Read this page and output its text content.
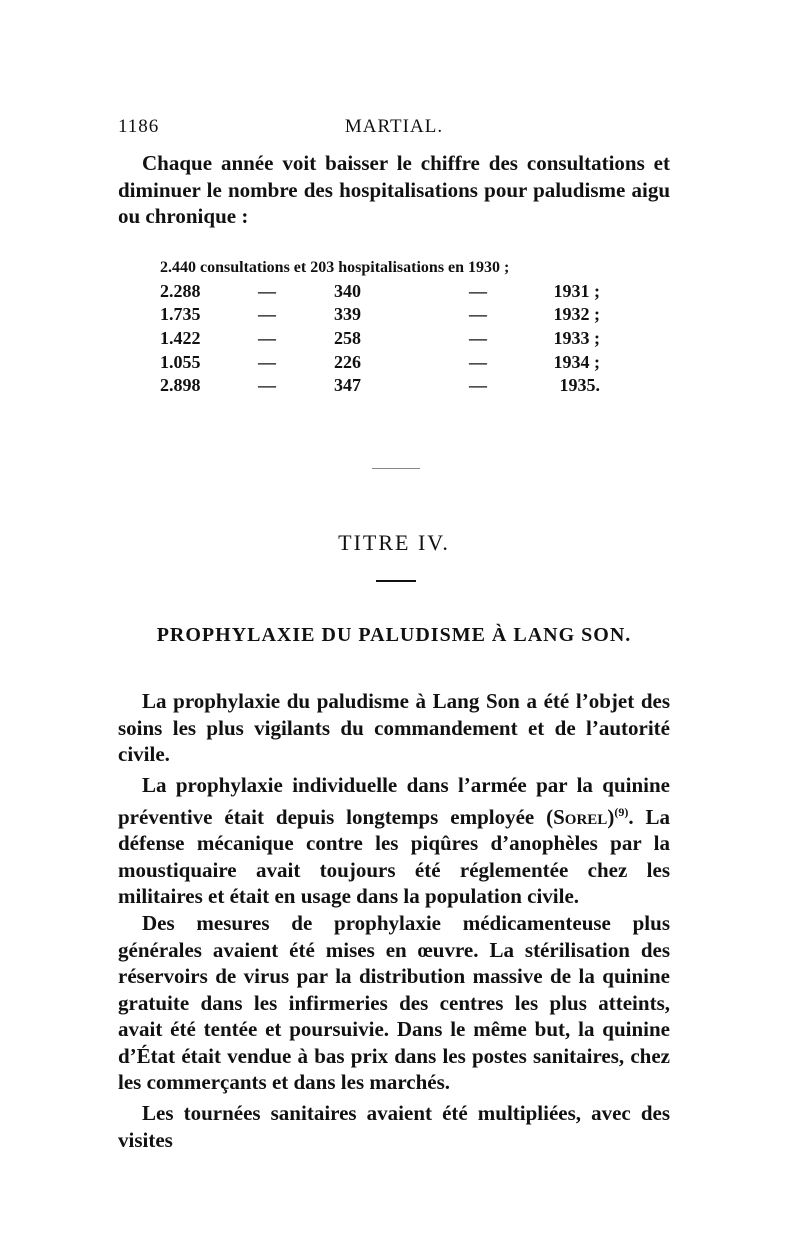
1186	MARTIAL.

Chaque année voit baisser le chiffre des consultations et diminuer le nombre des hospitalisations pour paludisme aigu ou chronique :

2.440 consultations et 203 hospitalisations en 1930 ;				
2.288	—	340	—	1931 ;
1.735	—	339	—	1932 ;
1.422	—	258	—	1933 ;
1.055	—	226	—	1934 ;
2.898	—	347	—	1935.
TITRE IV.
PROPHYLAXIE DU PALUDISME À LANG SON.

La prophylaxie du paludisme à Lang Son a été l’objet des soins les plus vigilants du commandement et de l’autorité civile.

La prophylaxie individuelle dans l’armée par la quinine préventive était depuis longtemps employée (Sorel)$^{(9)}$. La défense mécanique contre les piqûres d’anophèles par la moustiquaire avait toujours été réglementée chez les militaires et était en usage dans la population civile.

Des mesures de prophylaxie médicamenteuse plus générales avaient été mises en œuvre. La stérilisation des réservoirs de virus par la distribution massive de la quinine gratuite dans les infirmeries des centres les plus atteints, avait été tentée et poursuivie. Dans le même but, la quinine d’État était vendue à bas prix dans les postes sanitaires, chez les commerçants et dans les marchés.

Les tournées sanitaires avaient été multipliées, avec des visites
